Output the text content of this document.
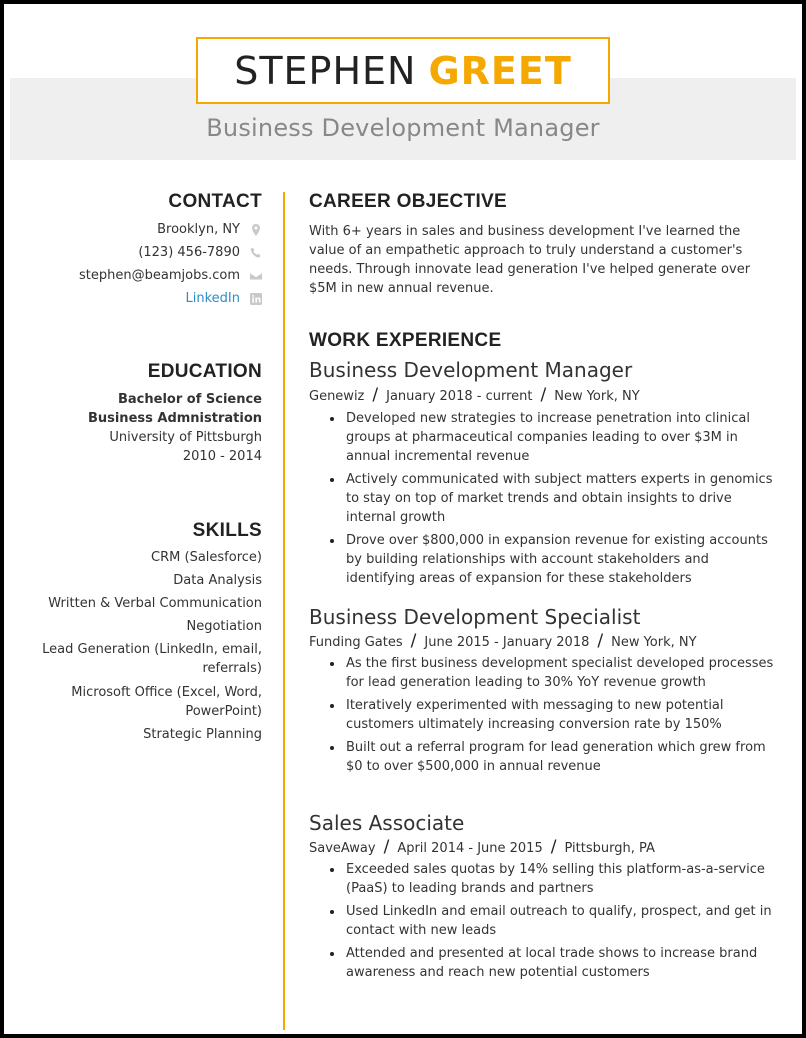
STEPHEN GREET
Business Development Manager
CONTACT
Brooklyn, NY
(123) 456-7890
stephen@beamjobs.com
LinkedIn
EDUCATION
Bachelor of Science
Business Admnistration
University of Pittsburgh
2010 - 2014
SKILLS
CRM (Salesforce)
Data Analysis
Written & Verbal Communication
Negotiation
Lead Generation (LinkedIn, email,
referrals)
Microsoft Office (Excel, Word,
PowerPoint)
Strategic Planning
CAREER OBJECTIVE
With 6+ years in sales and business development I've learned the value of an empathetic approach to truly understand a customer's needs. Through innovate lead generation I've helped generate over $5M in new annual revenue.
WORK EXPERIENCE
Business Development Manager
Genewiz / January 2018 - current / New York, NY
Developed new strategies to increase penetration into clinical groups at pharmaceutical companies leading to over $3M in annual incremental revenue
Actively communicated with subject matters experts in genomics to stay on top of market trends and obtain insights to drive internal growth
Drove over $800,000 in expansion revenue for existing accounts by building relationships with account stakeholders and identifying areas of expansion for these stakeholders
Business Development Specialist
Funding Gates / June 2015 - January 2018 / New York, NY
As the first business development specialist developed processes for lead generation leading to 30% YoY revenue growth
Iteratively experimented with messaging to new potential customers ultimately increasing conversion rate by 150%
Built out a referral program for lead generation which grew from $0 to over $500,000 in annual revenue
Sales Associate
SaveAway / April 2014 - June 2015 / Pittsburgh, PA
Exceeded sales quotas by 14% selling this platform-as-a-service (PaaS) to leading brands and partners
Used LinkedIn and email outreach to qualify, prospect, and get in contact with new leads
Attended and presented at local trade shows to increase brand awareness and reach new potential customers
